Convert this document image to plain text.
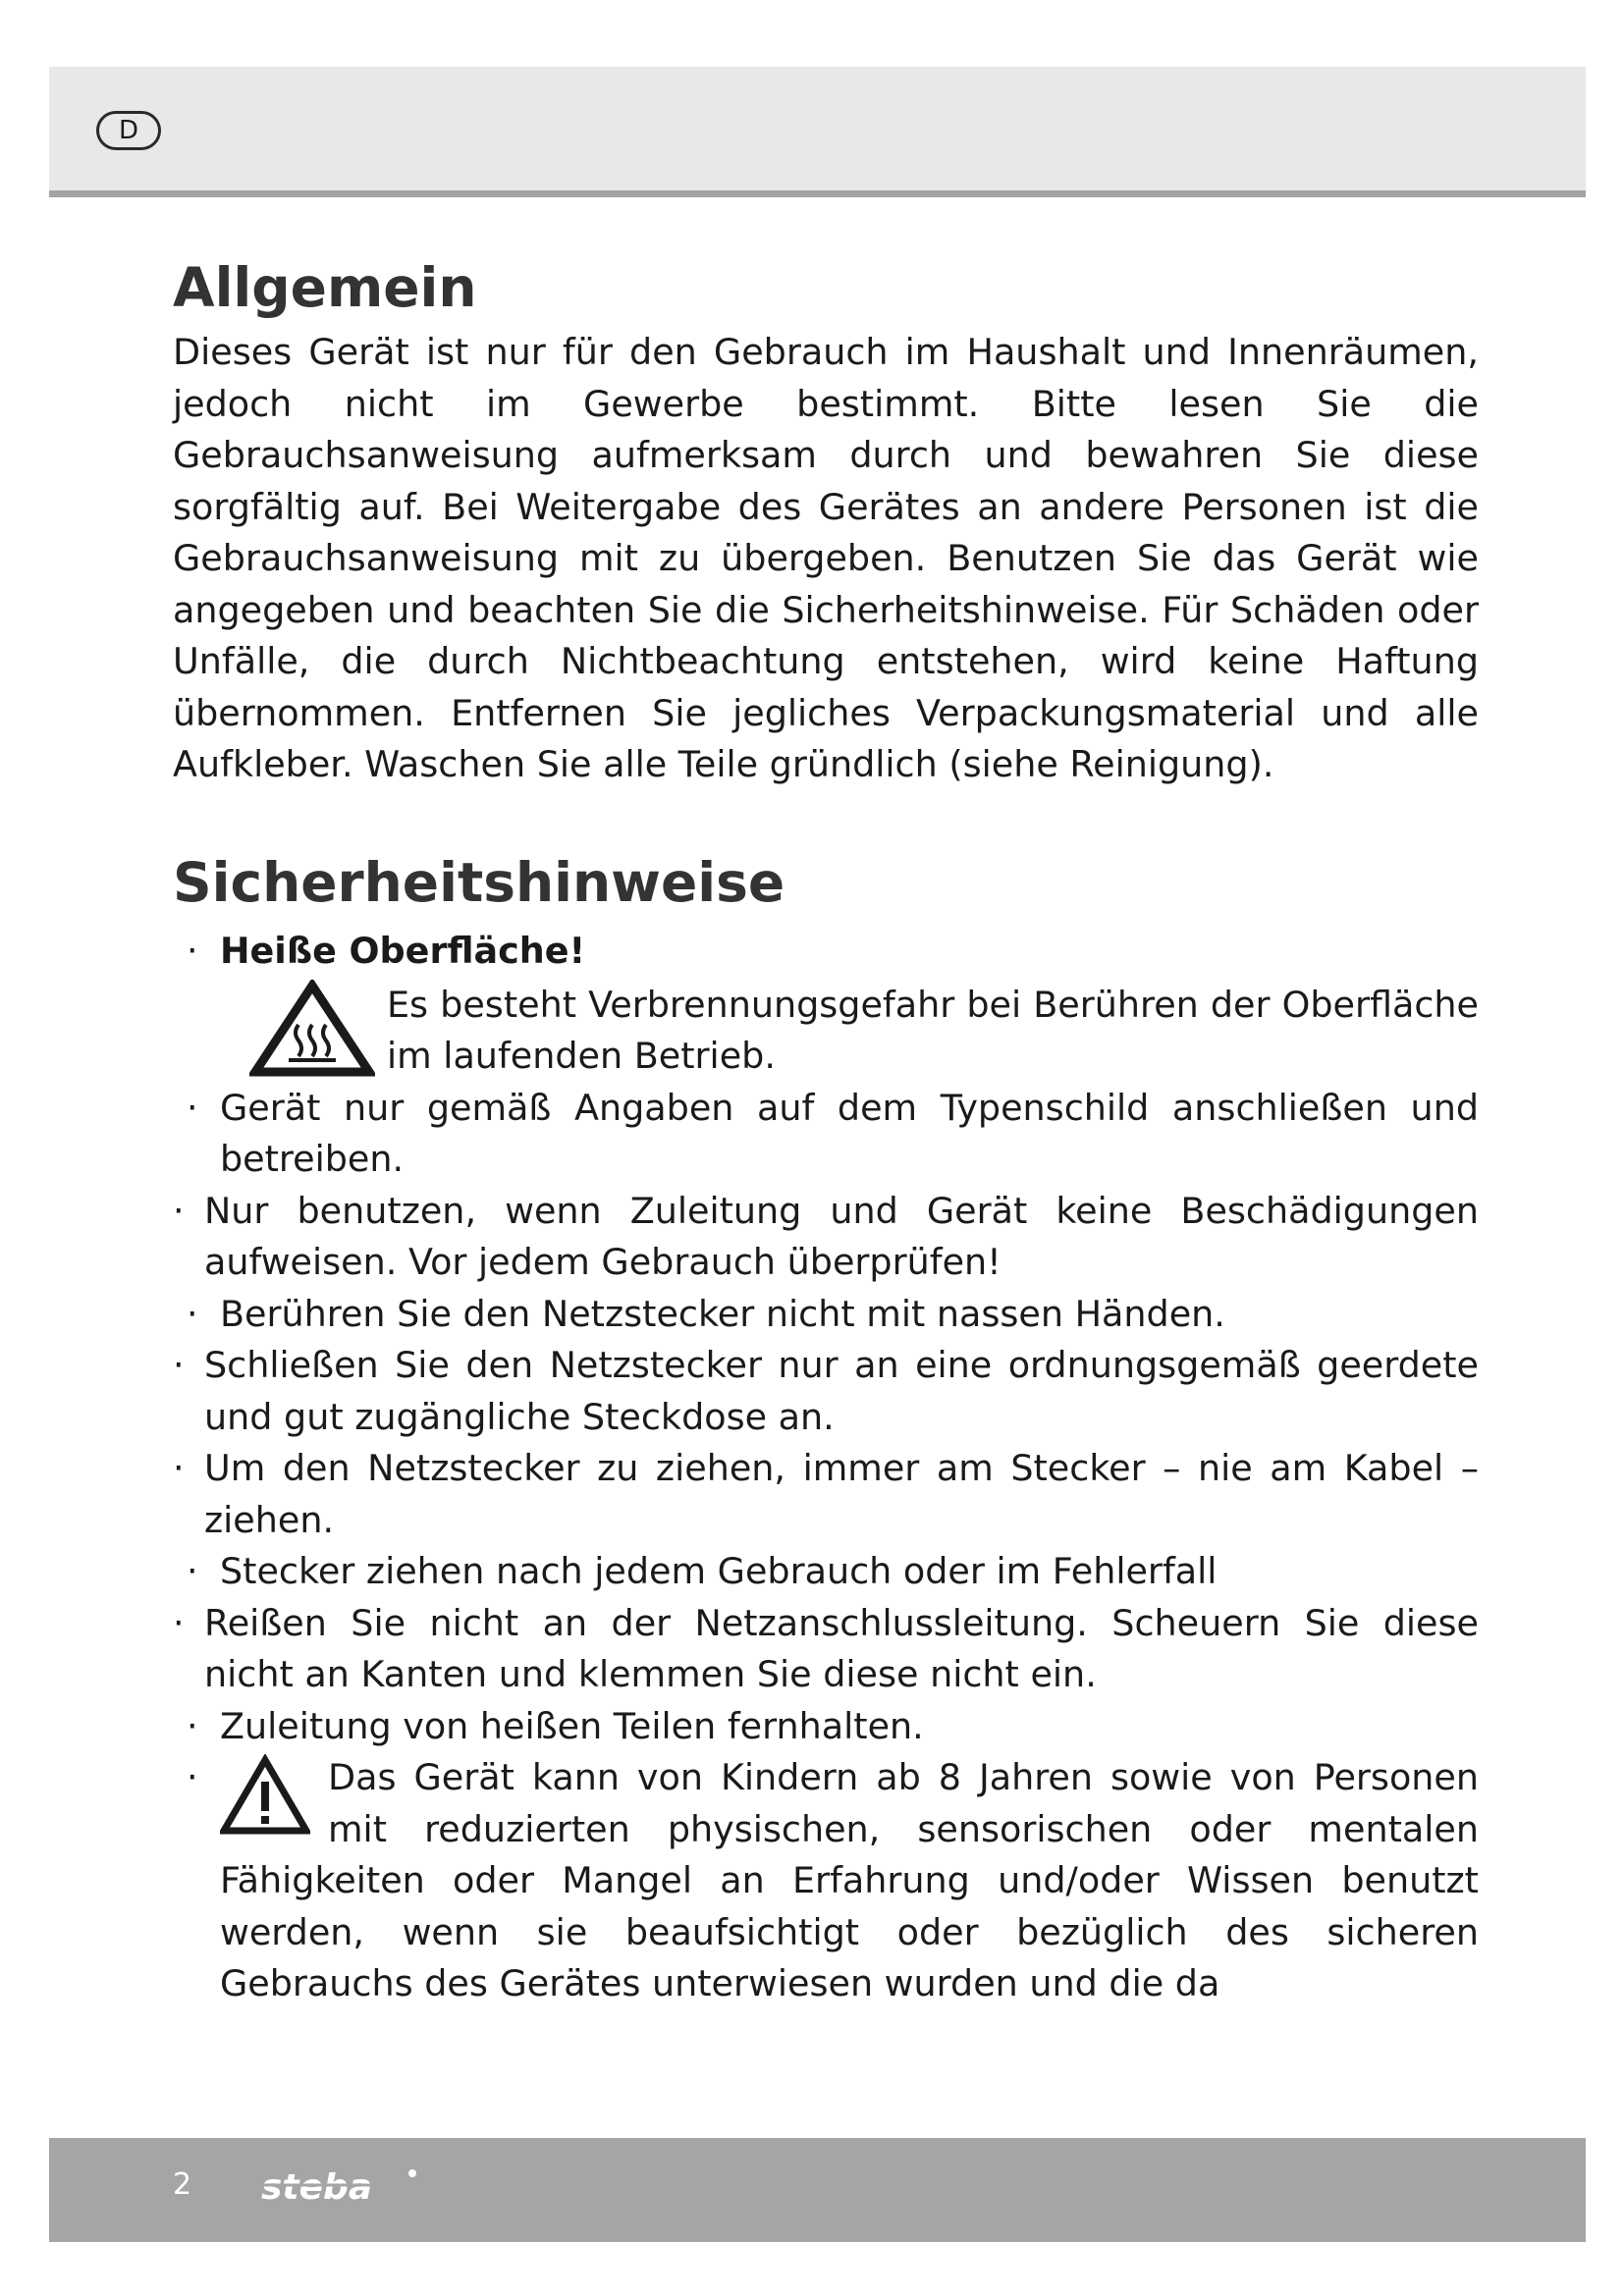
D
Allgemein

Dieses Gerät ist nur für den Gebrauch im Haushalt und Innenräumen, jedoch nicht im Gewerbe bestimmt. Bitte lesen Sie die Gebrauchsanweisung aufmerksam durch und bewahren Sie diese sorgfältig auf. Bei Weitergabe des Gerätes an andere Personen ist die Gebrauchsanweisung mit zu übergeben. Benutzen Sie das Gerät wie angegeben und beachten Sie die Sicherheitshinweise. Für Schäden oder Unfälle, die durch Nichtbeachtung entstehen, wird keine Haftung übernommen. Entfernen Sie jegliches Verpackungsmaterial und alle Aufkleber. Waschen Sie alle Teile gründlich (siehe Reinigung).

Sicherheitshinweise
· Heiße Oberfläche!
Es besteht Verbrennungsgefahr bei Berühren der Oberfläche im laufenden Betrieb.
· Gerät nur gemäß Angaben auf dem Typenschild anschließen und betreiben.
· Nur benutzen, wenn Zuleitung und Gerät keine Beschädigungen aufweisen. Vor jedem Gebrauch überprüfen!
· Berühren Sie den Netzstecker nicht mit nassen Händen.
· Schließen Sie den Netzstecker nur an eine ordnungsgemäß geerdete und gut zugängliche Steckdose an.
· Um den Netzstecker zu ziehen, immer am Stecker – nie am Kabel – ziehen.
· Stecker ziehen nach jedem Gebrauch oder im Fehlerfall
· Reißen Sie nicht an der Netzanschlussleitung. Scheuern Sie diese nicht an Kanten und klemmen Sie diese nicht ein.
· Zuleitung von heißen Teilen fernhalten.
·	Das Gerät kann von Kindern ab 8 Jahren sowie von Personen mit reduzierten physischen, sensorischen oder mentalen Fähigkeiten oder Mangel an Erfahrung und/oder Wissen benutzt werden, wenn sie beaufsichtigt oder bezüglich des sicheren Gebrauchs des Gerätes unterwiesen wurden und die da
2 steba
